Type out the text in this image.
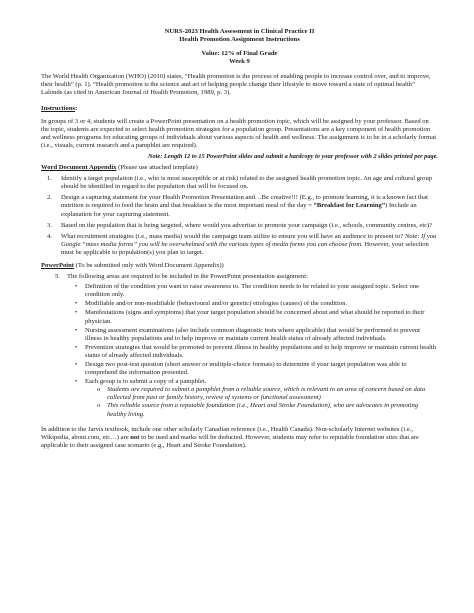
NURS-2023 Health Assessment in Clinical Practice II
Health Promotion Assignment Instructions
Value: 12% of Final Grade
Week 9

The World Health Organization (WHO) (2010) states, “Health promotion is the process of enabling people to increase control over, and to improve, their health” (p. 1). “Health promotion is the science and art of helping people change their lifestyle to move toward a state of optimal health” Lalonde (as cited in American Journal of Health Promotion, 1989, p. 3).

Instructions:

In groups of 3 or 4, students will create a PowerPoint presentation on a health promotion topic, which will be assigned by your professor. Based on the topic, students are expected to select health promotion strategies for a population group. Presentations are a key component of health promotion and wellness programs for educating groups of individuals about various aspects of health and wellness. The assignment is to be in a scholarly format (i.e., visuals, current research and a pamphlet are required).

Note: Length 12 to 15 PowerPoint slides and submit a hardcopy to your professor with 2 slides printed per page.

Word Document Appendix (Please use attached template)

1. Identify a target population (i.e., who is most susceptible or at risk) related to the assigned health promotion topic. An age and cultural group should be identified in regard to the population that will be focused on.
2. Design a capturing statement for your Health Promotion Presentation and…Be creative!!! (E.g., to promote learning, it is a known fact that nutrition is required to feed the brain and that breakfast is the most important meal of the day = “Breakfast for Learning”) Include an explanation for your capturing statement.
3. Based on the population that is being targeted, where would you advertise to promote your campaign (i.e., schools, community centres, etc)?
4. What recruitment strategies (i.e., mass media) would the campaign team utilize to ensure you will have an audience to present to? Note: If you Google “mass media forms” you will be overwhelmed with the various types of media forms you can choose from. However, your selection must be applicable to population(s) you plan to target.

PowerPoint (To be submitted only with Word Document Appendix))

5. The following areas are required to be included in the PowerPoint presentation assignment:
• Definition of the condition you want to raise awareness to. The condition needs to be related to your assigned topic. Select one condition only.
• Modifiable and/or non-modifiable (behavioural and/or genetic) etiologies (causes) of the condition.
• Manifestations (signs and symptoms) that your target population should be concerned about and what should be reported to their physician.
• Nursing assessment examinations (also include common diagnostic tests where applicable) that would be performed to prevent illness in healthy populations and to help improve or maintain current health status of already affected individuals.
• Prevention strategies that would be promoted to prevent illness in healthy populations and to help improve or maintain current health status of already affected individuals.
• Design two post-test question (short answer or multiple-choice formats) to determine if your target population was able to comprehend the information presented.
• Each group is to submit a copy of a pamphlet.
o Students are required to submit a pamphlet from a reliable source, which is relevant to an area of concern based on data collected from past or family history, review of systems or functional assessment)
o This reliable source from a reputable foundation (i.e., Heart and Stroke Foundation), who are advocates in promoting healthy living.

In addition to the Jarvis textbook, include one other scholarly Canadian reference (i.e., Health Canada). Non-scholarly Internet websites (i.e., Wikipedia, about.com, etc…) are not to be used and marks will be deducted. However, students may refer to reputable foundation sites that are applicable to their assigned case scenario (e.g., Heart and Stroke Foundation).
